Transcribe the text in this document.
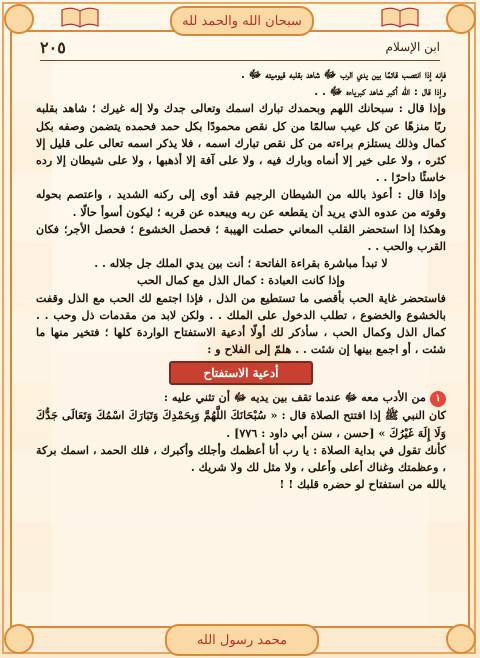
سبحان الله والحمد لله
٢٠٥	ابن الإسلام

فإنه إذا انتصب قائمًا بين يدي الرب ﷻ شاهد بقلبه قيوميته ﷻ .

وإذا قال : الله أكبر شاهد كبرياءه ﷻ . .

وإذا قال : سبحانك اللهم وبحمدك تبارك اسمك وتعالى جدك ولا إله غيرك ؛ شاهد بقلبه ربًا منزهًا عن كل عيب سالمًا من كل نقص محمودًا بكل حمد فحمده يتضمن وصفه بكل كمال وذلك يستلزم براءته من كل نقص تبارك اسمه ، فلا يذكر اسمه تعالى على قليل إلا كثره ، ولا على خير إلا أنماه وبارك فيه ، ولا على آفة إلا أذهبها ، ولا على شيطان إلا رده خاسئًا داحرًا . .

وإذا قال : أعوذ بالله من الشيطان الرجيم فقد أوى إلى ركنه الشديد ، واعتصم بحوله وقوته من عدوه الذي يريد أن يقطعه عن ربه ويبعده عن قربه ؛ ليكون أسوأ حالًا .

وهكذا إذا استحضر القلب المعاني حصلت الهيبة ؛ فحصل الخشوع ؛ فحصل الأجر؛ فكان القرب والحب . .

لا تبدأ مباشرة بقراءة الفاتحة ؛ أنت بين يدي الملك جل جلاله . .

وإذا كانت العبادة : كمال الذل مع كمال الحب

فاستحضر غاية الحب بأقصى ما تستطيع من الذل ، فإذا اجتمع لك الحب مع الذل وقفت بالخشوع والخضوع ، تطلب الدخول على الملك . . ولكن لابد من مقدمات ذل وحب . . كمال الذل وكمال الحب ، سأذكر لك أولًا أدعية الاستفتاح الواردة كلها ؛ فتخير منها ما شئت ، أو اجمع بينها إن شئت . . هلمّ إلى الفلاح و :

أدعية الاستفتاح

١من الأدب معه ﷻ عندما تقف بين يديه ﷻ أن تثني عليه :

كان النبي ﷺ إذا افتتح الصلاة قال : « سُبْحَانَكَ اللَّهُمَّ وَبِحَمْدِكَ وَتَبَارَكَ اسْمُكَ وَتَعَالَى جَدُّكَ وَلَا إِلَهَ غَيْرُكَ » [حسن ، سنن أبي داود : ٧٧٦] .

كأنك تقول في بداية الصلاة : يا رب أنا أعظمك وأجلك وأكبرك ، فلك الحمد ، اسمك بركة ، وعظمتك وغناك أعلى وأعلى ، ولا مثل لك ولا شريك .

يالله من استفتاح لو حضره قلبك ! !

محمد رسول الله
